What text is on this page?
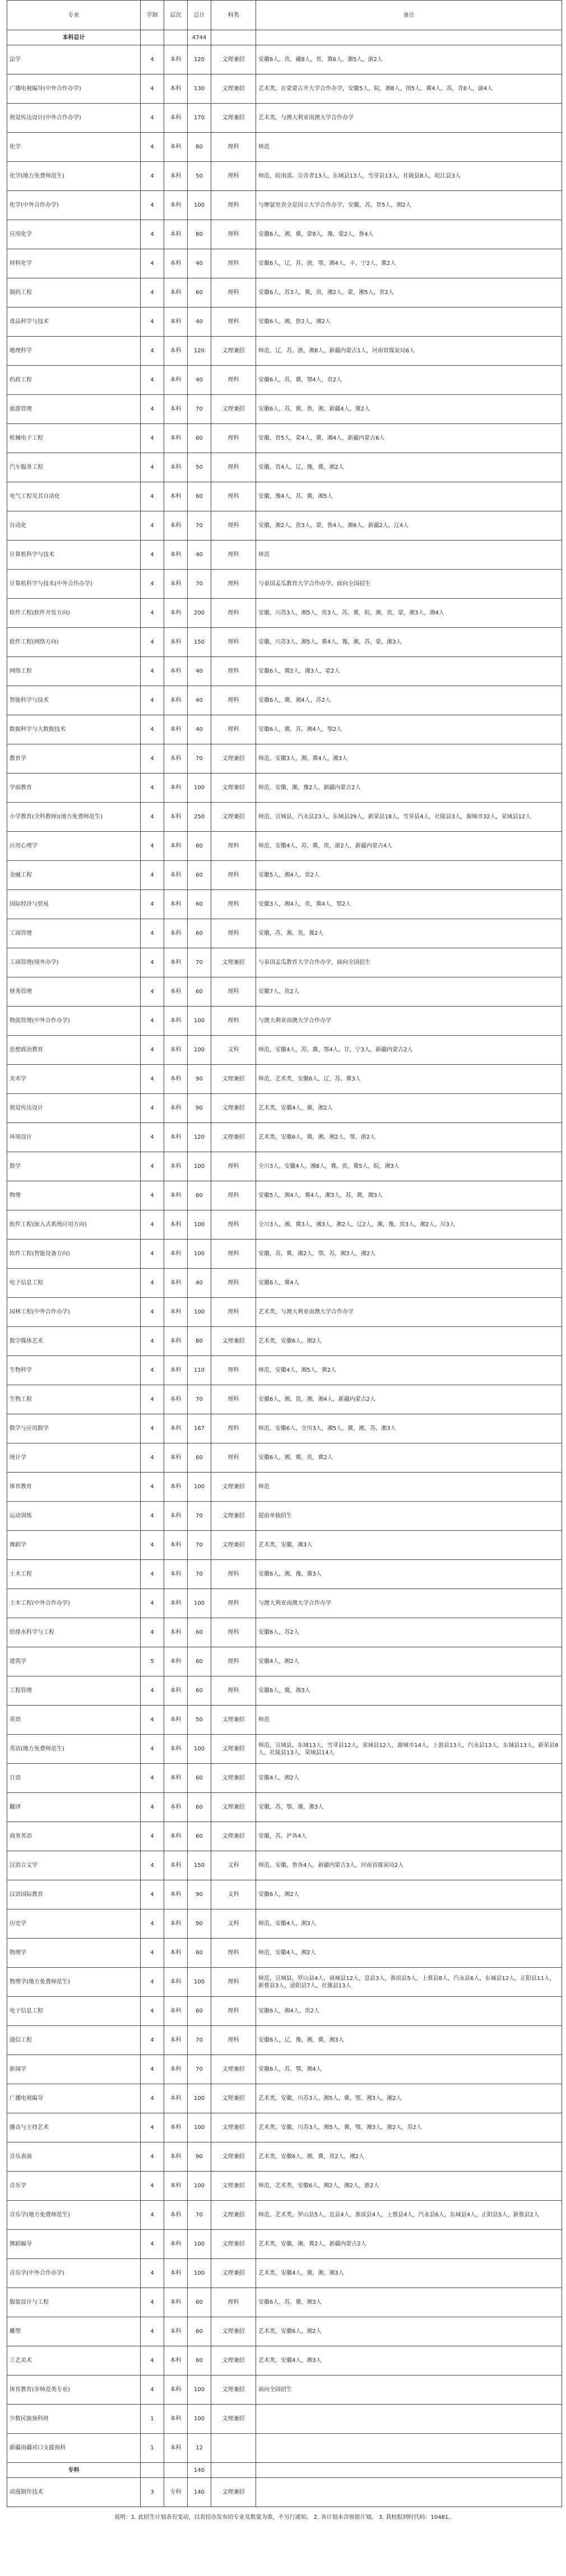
专业	学制	层次	总计	科类	备注
本科总计			4744		
法学	4	本科	120	文理兼招	安徽6人，贵，藏8人，晋，冀6人，湘5人，浙2人
广播电视编导(中外合作办学)	4	本科	130	文理兼招	艺术类，在蒙蒙古开大学合作办学，安徽5人，皖，湘8人，图5人，冀4人，苏，青8人，渝4人
视觉传达设计(中外合作办学)	4	本科	170	文理兼招	艺术类，与澳大利亚南澳大学合作办学
化学	4	本科	80	理科	师范
化学(地方免费师范生)	4	本科	50	理科	师范，皖南部、宣帝者13人，东域县13人，雪芽县13人，社陵县8人，皖江县3人
化学(中外合作办学)	4	本科	100	理科	与摩瑟里查全是国立大学合作办学，安徽，苏，晋5人，湘2人
应用化学	4	本科	80	理科	安徽6人，湘，冀，蒙8人，豫，蒙2人，鲁4人
材料化学	4	本科	40	理科	安徽6人，辽，苏，浙，鄂，湘4人，丰，宁2人，冀2人
制药工程	4	本科	60	理科	安徽6人，苏3人，冀，贵，湘2人，蒙，湘5人，晋2人
食品科学与技术	4	本科	40	理科	安徽6人，湘，鲁2人，湘2人
地理科学	4	本科	120	文理兼招	师范，辽，苏，浙，湘8人，新疆内蒙古1人，河南省煤炭局6人
药政工程	4	本科	40	理科	安徽6人，苏，冀，鄂4人，贵2人
旅游管理	4	本科	70	文理兼招	安徽6人，苏，冀，鲁，湘，新疆4人，冀2人
机械电子工程	4	本科	60	理科	安徽，晋5人，蒙4人，冀，湘4人，新疆内蒙古6人
汽车服务工程	4	本科	50	理科	安徽，晋4人，辽，豫，冀，湘2人
电气工程及其自动化	4	本科	60	理科	安徽，豫4人，苏，冀，湘5人
自动化	4	本科	70	理科	安徽，湘2人，贵3人，蒙，鲁4人，湘6人，新疆2人，辽4人
计算机科学与技术	4	本科	40	理科	师范
计算机科学与技术(中外合作办学)	4	本科	70	理科	与泰国孟瓜教育大学合作办学，面向全国招生
软件工程(软件开发方向)	4	本科	200	理科	安徽，川苏3人，湘5人，贵3人，苏，冀，皖，湘，贵，蒙，湘3人，湘4人
软件工程(网络方向)	4	本科	150	理科	安徽，川苏3人，湘5人，冀4人，豫，湘，苏，蒙，湘3人
网络工程	4	本科	40	理科	安徽6人，冀2人，湘3人，蒙2人
智能科学与技术	4	本科	40	理科	安徽6人，冀，湘4人，苏2人
数据科学与大数据技术	4	本科	40	理科	安徽6人，冀，苏，湘4人，鄂2人
教育学	4	本科	70	文理兼招	师范，安徽3人，湘，冀4人，湘3人
学前教育	4	本科	100	文理兼招	师范，安徽，湘，豫2人，新疆内蒙古2人
小学教育(全科教师)(地方免费师范生)	4	本科	250	文理兼招	师范，宣城县，汽永县23人，东域县29人，新荣县18人，雪芽县4人，社陵县3人，源城市32人，荣域县12人
应用心理学	4	本科	60	理科	师范，安徽4人，苏，冀，贵，浙2人，新疆内蒙古4人
金融工程	4	本科	60	理科	安徽5人，湘4人，贵2人
国际经济与贸易	4	本科	60	理科	安徽3人，湘4人，贵，冀4人，鄂2人
工商管理	4	本科	60	理科	安徽，苏，湘，贵，冀2人
工商管理(境外办学)	4	本科	70	文理兼招	与泰国孟瓜教育大学合作办学，面向全国招生
财务管理	4	本科	60	理科	安徽7人，贵2人
物流管理(中外合作办学)	4	本科	100	理科	与澳大利亚南澳大学合作办学
思想政治教育	4	本科	100	文科	师范，安徽4人，苏，冀，鄂4人，甘，宁3人，新疆内蒙古2人
美术学	4	本科	90	文理兼招	师范，艺术类，安徽6人，辽，苏，冀3人
视觉传达设计	4	本科	90	文理兼招	艺术类，安徽4人，冀，湘2人
环境设计	4	本科	120	文理兼招	艺术类，安徽6人，冀，湘，湘2人，鄂，浙2人
数学	4	本科	100	理科	全川3人，安徽4人，湘8人，冀，贵，冀5人，皖，湘3人
物理	4	本科	60	理科	安徽5人，湘4人，冀4人，湘3人，苏，冀，湘3人
软件工程(嵌入式系统应用方向)	4	本科	100	理科	全川3人，湘，冀3人，湘3人，湘2人，辽2人，湘，豫，贵3人，湘2人，川3人
软件工程(智能设备方向)	4	本科	100	理科	安徽，苏，冀，湘2人，鄂，苏，湘3人，湘2人
电子信息工程	4	本科	40	理科	安徽6人，冀4人
园林工程(中外合作办学)	4	本科	100	理科	艺术类，与澳大利亚南澳大学合作办学
数字媒体艺术	4	本科	80	文理兼招	艺术类，安徽6人，湘2人
生物科学	4	本科	110	理科	师范，安徽4人，湘5人，冀2人
生物工程	4	本科	70	理科	安徽6人，湘，贵，湘，湘4人，新疆内蒙古2人
数学与应用数学	4	本科	167	理科	师范，安徽6人，全川3人，湘5人，冀，湘，苏，湘3人
统计学	4	本科	60	理科	安徽6人，湘，冀，贵，冀2人
体育教育	4	本科	100	文理兼招	师范
运动训练	4	本科	70	文理兼招	提前单独招生
舞蹈学	4	本科	70	文理兼招	艺术类，安徽，湘3人
土木工程	4	本科	70	理科	安徽6人，湘，豫，冀3人
土木工程(中外合作办学)	4	本科	100	理科	与澳大利亚南澳大学合作办学
给排水科学与工程	4	本科	60	理科	安徽6人，苏2人
建筑学	5	本科	60	理科	安徽4人，湘2人
工程管理	4	本科	60	理科	安徽6人，冀，湘3人
英语	4	本科	50	文理兼招	师范
英语(地方免费师范生)	4	本科	100	文理兼招	师范，宣城县，东域13人，雪芽县12人，荣域县12人，源城市14人，上游县13人，汽永县13人，东域县13人，新荣县8人，社陵县13人，荣域县14人
日语	4	本科	60	文理兼招	安徽4人，湘2人
翻译	4	本科	60	文理兼招	安徽，苏，鄂，湘，湘3人
商务英语	4	本科	60	文理兼招	安徽，苏，沪各4人
汉语言文学	4	本科	150	文科	师范，安徽，鲁各4人，新疆内蒙古3人，河南省煤炭局2人
汉语国际教育	4	本科	90	文科	安徽6人，湘2人
历史学	4	本科	90	文科	师范，安徽4人，湘3人
物理学	4	本科	60	理科	师范，安徽4人，湘2人
物理学(地方免费师范生)	4	本科	100	理科	师范，宣城县，罗山县4人，商城县12人，息县3人，淮滨县5人，上蔡县8人，汽永县6人，东域县12人，正阳县11人，新蔡县3人，泌阳县7人，社旗县13人
电子信息工程	4	本科	60	理科	安徽6人，湘4人，贵2人
通信工程	4	本科	70	理科	安徽6人，辽，豫，湘，冀，湘3人
新闻学	4	本科	70	文理兼招	安徽6人，苏，鄂，湘4人
广播电视编导	4	本科	100	文理兼招	艺术类，安徽，川苏3人，湘5人，冀，鄂，湘3人，湘2人
播音与主持艺术	4	本科	100	文理兼招	艺术类，安徽，川苏3人，湘5人，冀，鄂，湘3人，湘2人，苏2人
音乐表演	4	本科	90	文理兼招	艺术类，安徽6人，湘，冀，贵2人，湘2人
音乐学	4	本科	100	文理兼招	师范，艺术类，安徽6人，湘2人，湘2人，浙2人
音乐学(地方免费师范生)	4	本科	70	文理兼招	师范，艺术类，罗山县5人，息县4人，淮滨县4人，上蔡县4人，汽永县6人，东域县4人，正阳县5人，新蔡县2人
舞蹈编导	4	本科	100	文理兼招	艺术类，安徽，湘，冀2人，新疆内蒙古2人
音乐学(中外合作办学)	4	本科	100	文理兼招	艺术类，安徽4人，冀，湘，湘3人
服装设计与工程	4	本科	60	理科	安徽6人，苏，冀，湘3人
雕塑	4	本科	60	文理兼招	艺术类，安徽6人，湘2人
工艺美术	4	本科	60	文理兼招	艺术类，安徽4人，湘3人
体育教育(非师范类专业)	4	本科	100	文理兼招	面向全国招生
少数民族预科班	1	本科	100	文理兼招	
新疆南疆对口支援预科	1	本科	12		
专科			140		
动漫制作技术	3	专科	140	文理兼招	
说明：1. 此招生计划表有变动，以省招办发布的专业及数量为准，不另行通知。 2. 各计划未含预留计划。 3. 我校报到时代码：10481。
